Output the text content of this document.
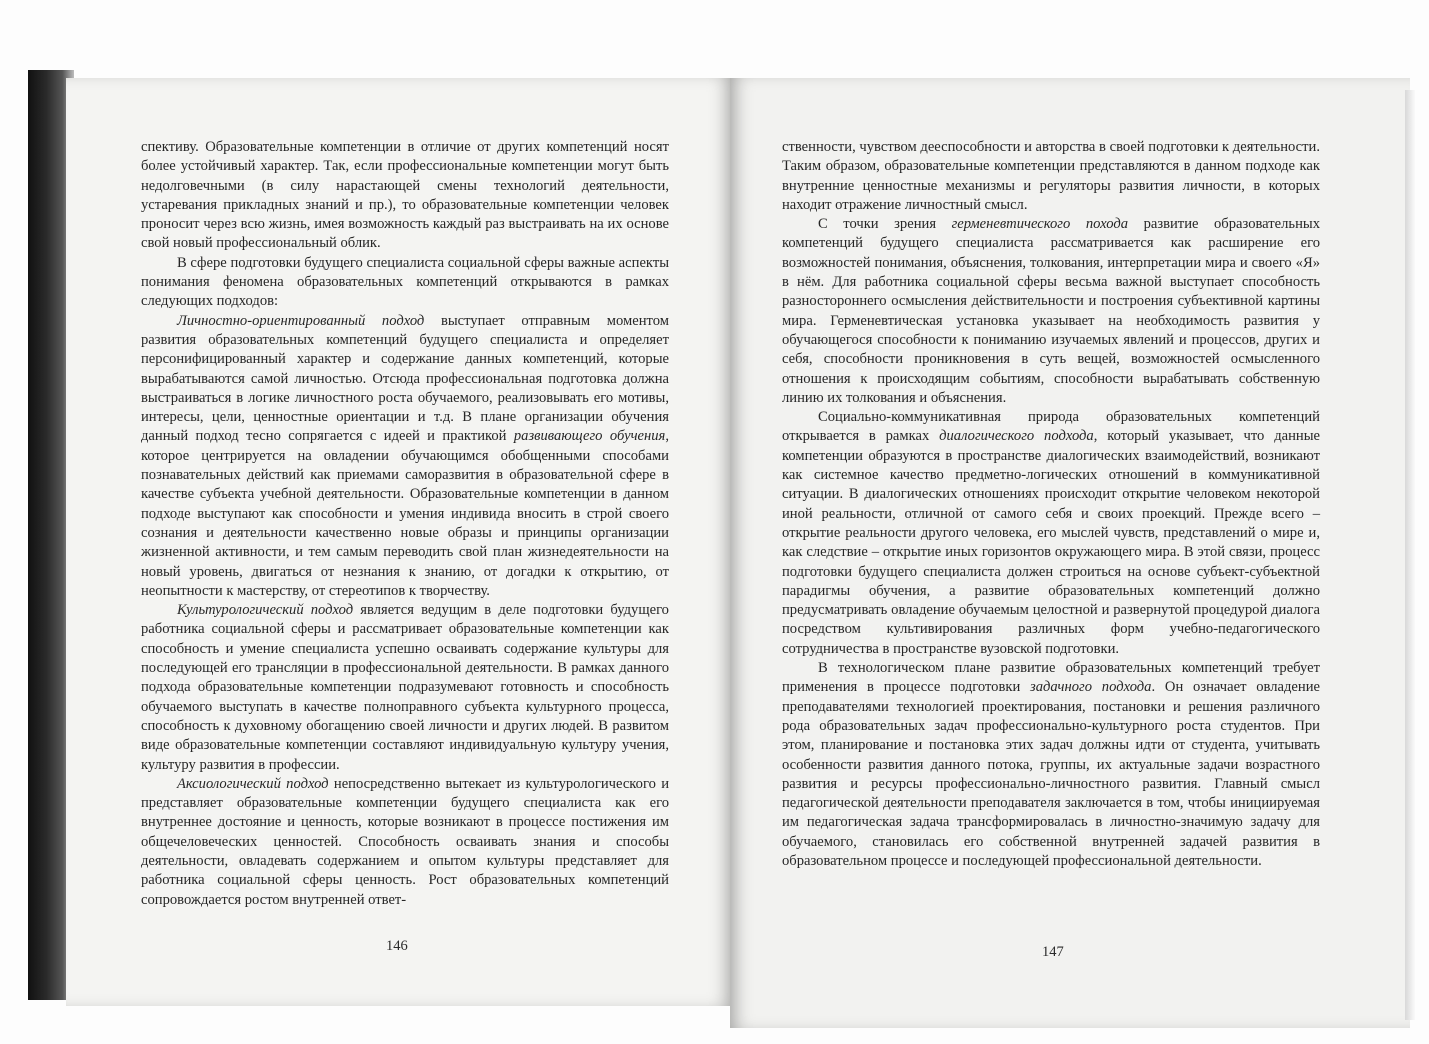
спективу. Образовательные компетенции в отличие от других компетенций носят более устойчивый характер. Так, если профессиональные компетенции могут быть недолговечными (в силу нарастающей смены технологий деятельности, устаревания прикладных знаний и пр.), то образовательные компетенции человек проносит через всю жизнь, имея возможность каждый раз выстраивать на их основе свой новый профессиональный облик.

В сфере подготовки будущего специалиста социальной сферы важные аспекты понимания феномена образовательных компетенций открываются в рамках следующих подходов:

Личностно-ориентированный подход выступает отправным моментом развития образовательных компетенций будущего специалиста и определяет персонифицированный характер и содержание данных компетенций, которые вырабатываются самой личностью. Отсюда профессиональная подготовка должна выстраиваться в логике личностного роста обучаемого, реализовывать его мотивы, интересы, цели, ценностные ориентации и т.д. В плане организации обучения данный подход тесно сопрягается с идеей и практикой развивающего обучения, которое центрируется на овладении обучающимся обобщенными способами познавательных действий как приемами саморазвития в образовательной сфере в качестве субъекта учебной деятельности. Образовательные компетенции в данном подходе выступают как способности и умения индивида вносить в строй своего сознания и деятельности качественно новые образы и принципы организации жизненной активности, и тем самым переводить свой план жизнедеятельности на новый уровень, двигаться от незнания к знанию, от догадки к открытию, от неопытности к мастерству, от стереотипов к творчеству.

Культурологический подход является ведущим в деле подготовки будущего работника социальной сферы и рассматривает образовательные компетенции как способность и умение специалиста успешно осваивать содержание культуры для последующей его трансляции в профессиональной деятельности. В рамках данного подхода образовательные компетенции подразумевают готовность и способность обучаемого выступать в качестве полноправного субъекта культурного процесса, способность к духовному обогащению своей личности и других людей. В развитом виде образовательные компетенции составляют индивидуальную культуру учения, культуру развития в профессии.

Аксиологический подход непосредственно вытекает из культурологического и представляет образовательные компетенции будущего специалиста как его внутреннее достояние и ценность, которые возникают в процессе постижения им общечеловеческих ценностей. Способность осваивать знания и способы деятельности, овладевать содержанием и опытом культуры представляет для работника социальной сферы ценность. Рост образовательных компетенций сопровождается ростом внутренней ответ-

146

ственности, чувством дееспособности и авторства в своей подготовки к деятельности. Таким образом, образовательные компетенции представляются в данном подходе как внутренние ценностные механизмы и регуляторы развития личности, в которых находит отражение личностный смысл.

С точки зрения герменевтического похода развитие образовательных компетенций будущего специалиста рассматривается как расширение его возможностей понимания, объяснения, толкования, интерпретации мира и своего «Я» в нём. Для работника социальной сферы весьма важной выступает способность разностороннего осмысления действительности и построения субъективной картины мира. Герменевтическая установка указывает на необходимость развития у обучающегося способности к пониманию изучаемых явлений и процессов, других и себя, способности проникновения в суть вещей, возможностей осмысленного отношения к происходящим событиям, способности вырабатывать собственную линию их толкования и объяснения.

Социально-коммуникативная природа образовательных компетенций открывается в рамках диалогического подхода, который указывает, что данные компетенции образуются в пространстве диалогических взаимодействий, возникают как системное качество предметно-логических отношений в коммуникативной ситуации. В диалогических отношениях происходит открытие человеком некоторой иной реальности, отличной от самого себя и своих проекций. Прежде всего – открытие реальности другого человека, его мыслей чувств, представлений о мире и, как следствие – открытие иных горизонтов окружающего мира. В этой связи, процесс подготовки будущего специалиста должен строиться на основе субъект-субъектной парадигмы обучения, а развитие образовательных компетенций должно предусматривать овладение обучаемым целостной и развернутой процедурой диалога посредством культивирования различных форм учебно-педагогического сотрудничества в пространстве вузовской подготовки.

В технологическом плане развитие образовательных компетенций требует применения в процессе подготовки задачного подхода. Он означает овладение преподавателями технологией проектирования, постановки и решения различного рода образовательных задач профессионально-культурного роста студентов. При этом, планирование и постановка этих задач должны идти от студента, учитывать особенности развития данного потока, группы, их актуальные задачи возрастного развития и ресурсы профессионально-личностного развития. Главный смысл педагогической деятельности преподавателя заключается в том, чтобы инициируемая им педагогическая задача трансформировалась в личностно-значимую задачу для обучаемого, становилась его собственной внутренней задачей развития в образовательном процессе и последующей профессиональной деятельности.

147
